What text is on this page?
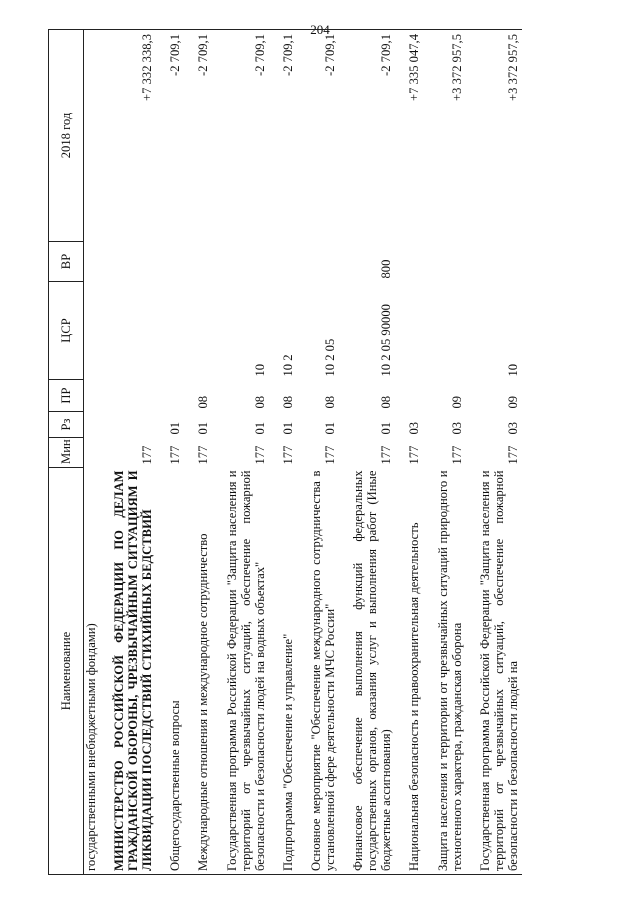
204
Наименование	Мин	Рз	ПР	ЦСР	ВР	2018 год
государственными внебюджетными фондами)						
МИНИСТЕРСТВО РОССИЙСКОЙ ФЕДЕРАЦИИ ПО ДЕЛАМ ГРАЖДАНСКОЙ ОБОРОНЫ, ЧРЕЗВЫЧАЙНЫМ СИТУАЦИЯМ И ЛИКВИДАЦИИ ПОСЛЕДСТВИЙ СТИХИЙНЫХ БЕДСТВИЙ	177					+7 332 338,3
Общегосударственные вопросы	177	01				-2 709,1
Международные отношения и международное сотрудничество	177	01	08			-2 709,1
Государственная программа Российской Федерации "Защита населения и территорий от чрезвычайных ситуаций, обеспечение пожарной безопасности и безопасности людей на водных объектах"	177	01	08	10		-2 709,1
Подпрограмма "Обеспечение и управление"	177	01	08	10 2		-2 709,1
Основное мероприятие "Обеспечение международного сотрудничества в установленной сфере деятельности МЧС России"	177	01	08	10 2 05		-2 709,1
Финансовое обеспечение выполнения функций федеральных государственных органов, оказания услуг и выполнения работ (Иные бюджетные ассигнования)	177	01	08	10 2 05 90000	800	-2 709,1
Национальная безопасность и правоохранительная деятельность	177	03				+7 335 047,4
Защита населения и территории от чрезвычайных ситуаций природного и техногенного характера, гражданская оборона	177	03	09			+3 372 957,5
Государственная программа Российской Федерации "Защита населения и территорий от чрезвычайных ситуаций, обеспечение пожарной безопасности и безопасности людей на	177	03	09	10		+3 372 957,5
